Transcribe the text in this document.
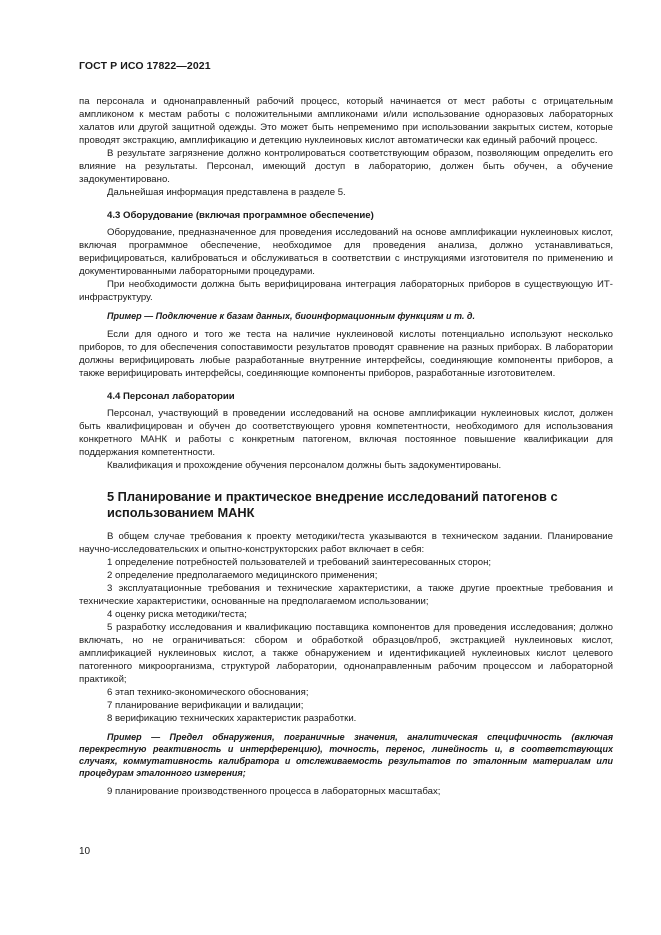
ГОСТ Р ИСО 17822—2021

па персонала и однонаправленный рабочий процесс, который начинается от мест работы с отрицательным ампликоном к местам работы с положительными ампликонами и/или использование одноразовых лабораторных халатов или другой защитной одежды. Это может быть непременимо при использовании закрытых систем, которые проводят экстракцию, амплификацию и детекцию нуклеиновых кислот автоматически как единый рабочий процесс.

В результате загрязнение должно контролироваться соответствующим образом, позволяющим определить его влияние на результаты. Персонал, имеющий доступ в лабораторию, должен быть обучен, а обучение задокументировано.

Дальнейшая информация представлена в разделе 5.

4.3 Оборудование (включая программное обеспечение)

Оборудование, предназначенное для проведения исследований на основе амплификации нуклеиновых кислот, включая программное обеспечение, необходимое для проведения анализа, должно устанавливаться, верифицироваться, калиброваться и обслуживаться в соответствии с инструкциями изготовителя по применению и документированными лабораторными процедурами.

При необходимости должна быть верифицирована интеграция лабораторных приборов в существующую ИТ-инфраструктуру.

Пример — Подключение к базам данных, биоинформационным функциям и т. д.

Если для одного и того же теста на наличие нуклеиновой кислоты потенциально используют несколько приборов, то для обеспечения сопоставимости результатов проводят сравнение на разных приборах. В лаборатории должны верифицировать любые разработанные внутренние интерфейсы, соединяющие компоненты приборов, а также верифицировать интерфейсы, соединяющие компоненты приборов, разработанные изготовителем.

4.4 Персонал лаборатории

Персонал, участвующий в проведении исследований на основе амплификации нуклеиновых кислот, должен быть квалифицирован и обучен до соответствующего уровня компетентности, необходимого для использования конкретного МАНК и работы с конкретным патогеном, включая постоянное повышение квалификации для поддержания компетентности.

Квалификация и прохождение обучения персоналом должны быть задокументированы.

5 Планирование и практическое внедрение исследований патогенов с
использованием МАНК

В общем случае требования к проекту методики/теста указываются в техническом задании. Планирование научно-исследовательских и опытно-конструкторских работ включает в себя:

1 определение потребностей пользователей и требований заинтересованных сторон;

2 определение предполагаемого медицинского применения;

3 эксплуатационные требования и технические характеристики, а также другие проектные требования и технические характеристики, основанные на предполагаемом использовании;

4 оценку риска методики/теста;

5 разработку исследования и квалификацию поставщика компонентов для проведения исследования; должно включать, но не ограничиваться: сбором и обработкой образцов/проб, экстракцией нуклеиновых кислот, амплификацией нуклеиновых кислот, а также обнаружением и идентификацией нуклеиновых кислот целевого патогенного микроорганизма, структурой лаборатории, однонаправленным рабочим процессом и лабораторной практикой;

6 этап технико-экономического обоснования;

7 планирование верификации и валидации;

8 верификацию технических характеристик разработки.

Пример — Предел обнаружения, пограничные значения, аналитическая специфичность (включая перекрестную реактивность и интерференцию), точность, перенос, линейность и, в соответствующих случаях, коммутативность калибратора и отслеживаемость результатов по эталонным материалам или процедурам эталонного измерения;

9 планирование производственного процесса в лабораторных масштабах;

10
